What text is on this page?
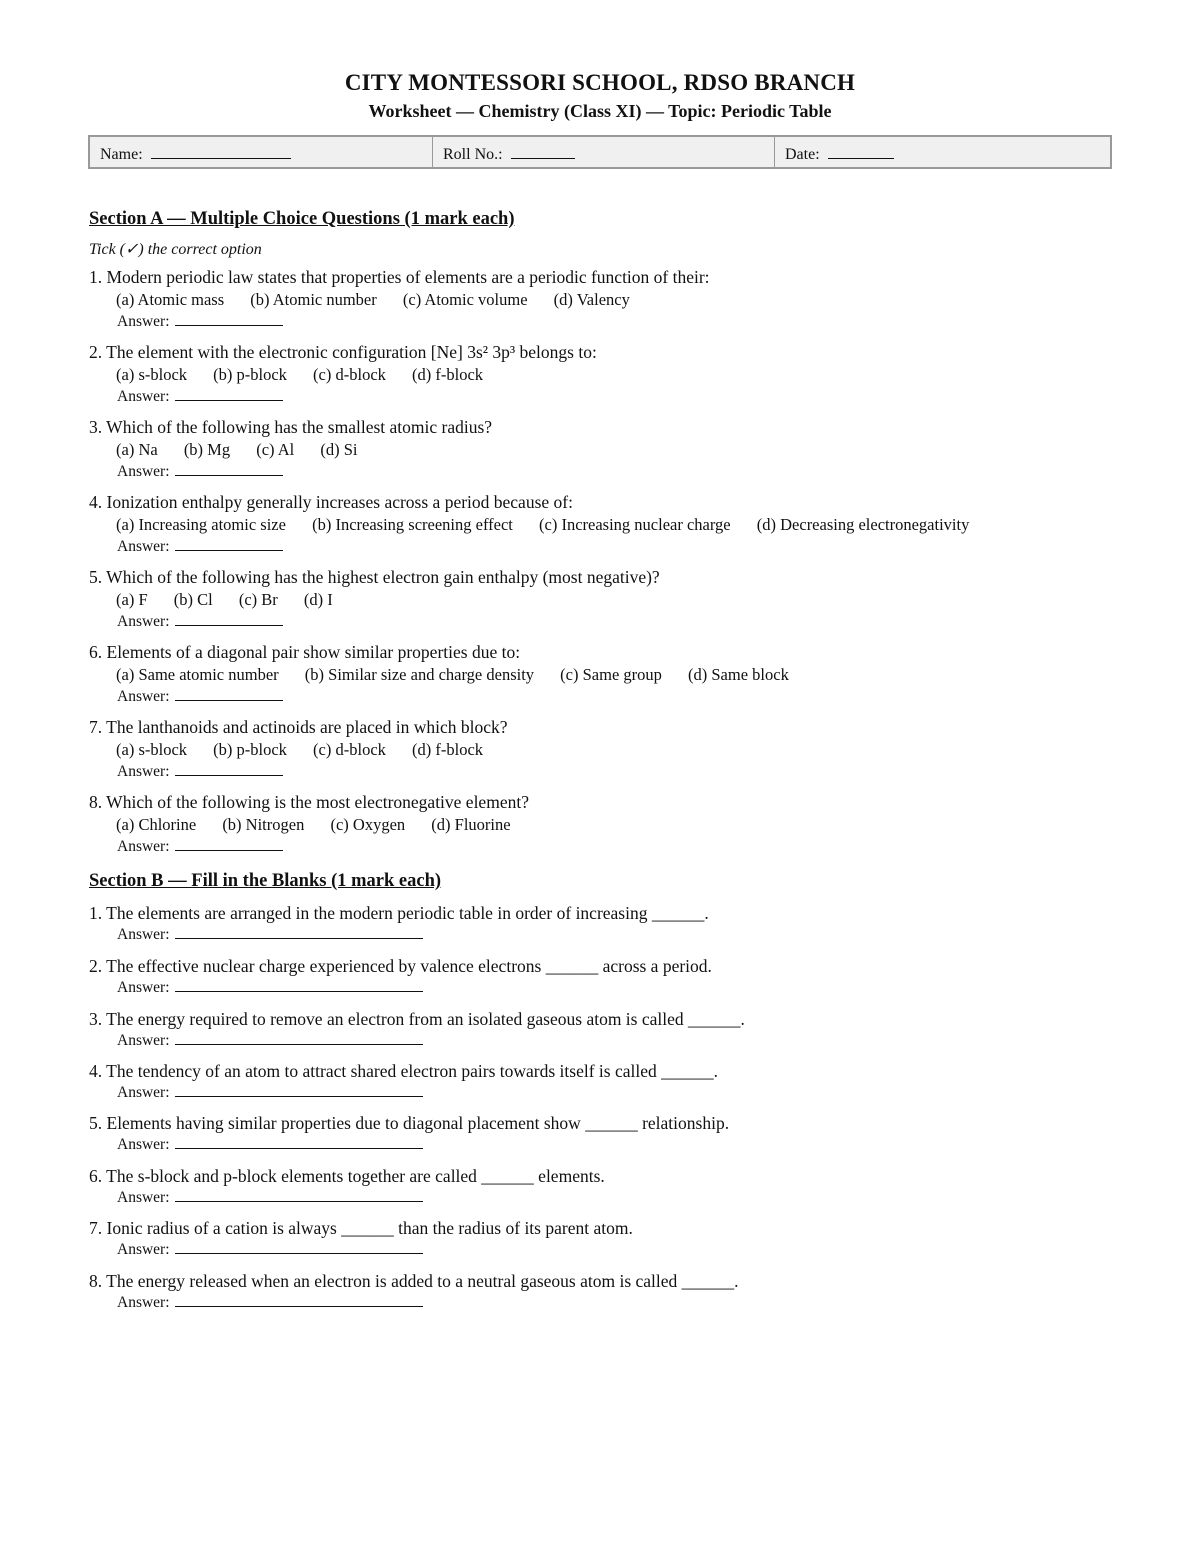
CITY MONTESSORI SCHOOL, RDSO BRANCH
Worksheet — Chemistry (Class XI) — Topic: Periodic Table
Name:	Roll No.:	Date:
Section A — Multiple Choice Questions (1 mark each)
Tick (✓) the correct option
1. Modern periodic law states that properties of elements are a periodic function of their:
(a) Atomic mass (b) Atomic number (c) Atomic volume (d) Valency
Answer:
2. The element with the electronic configuration [Ne] 3s² 3p³ belongs to:
(a) s-block (b) p-block (c) d-block (d) f-block
Answer:
3. Which of the following has the smallest atomic radius?
(a) Na (b) Mg (c) Al (d) Si
Answer:
4. Ionization enthalpy generally increases across a period because of:
(a) Increasing atomic size (b) Increasing screening effect (c) Increasing nuclear charge (d) Decreasing electronegativity
Answer:
5. Which of the following has the highest electron gain enthalpy (most negative)?
(a) F (b) Cl (c) Br (d) I
Answer:
6. Elements of a diagonal pair show similar properties due to:
(a) Same atomic number (b) Similar size and charge density (c) Same group (d) Same block
Answer:
7. The lanthanoids and actinoids are placed in which block?
(a) s-block (b) p-block (c) d-block (d) f-block
Answer:
8. Which of the following is the most electronegative element?
(a) Chlorine (b) Nitrogen (c) Oxygen (d) Fluorine
Answer:
Section B — Fill in the Blanks (1 mark each)
1. The elements are arranged in the modern periodic table in order of increasing ______.
Answer:
2. The effective nuclear charge experienced by valence electrons ______ across a period.
Answer:
3. The energy required to remove an electron from an isolated gaseous atom is called ______.
Answer:
4. The tendency of an atom to attract shared electron pairs towards itself is called ______.
Answer:
5. Elements having similar properties due to diagonal placement show ______ relationship.
Answer:
6. The s-block and p-block elements together are called ______ elements.
Answer:
7. Ionic radius of a cation is always ______ than the radius of its parent atom.
Answer:
8. The energy released when an electron is added to a neutral gaseous atom is called ______.
Answer:
